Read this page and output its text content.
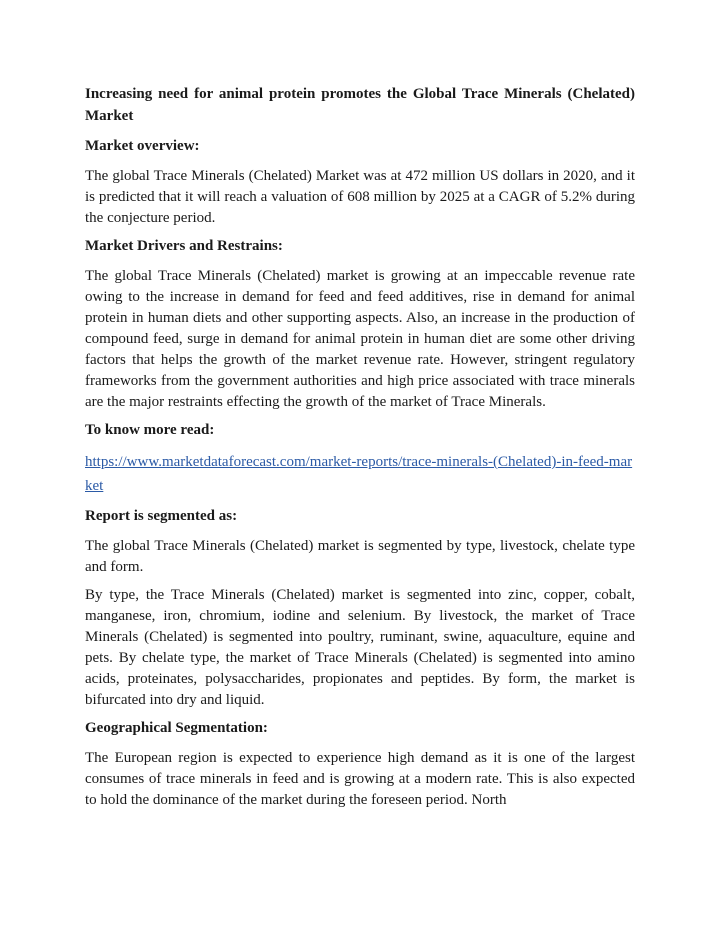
Increasing need for animal protein promotes the Global Trace Minerals (Chelated) Market

Market overview:

The global Trace Minerals (Chelated) Market was at 472 million US dollars in 2020, and it is predicted that it will reach a valuation of 608 million by 2025 at a CAGR of 5.2% during the conjecture period.

Market Drivers and Restrains:

The global Trace Minerals (Chelated) market is growing at an impeccable revenue rate owing to the increase in demand for feed and feed additives, rise in demand for animal protein in human diets and other supporting aspects. Also, an increase in the production of compound feed, surge in demand for animal protein in human diet are some other driving factors that helps the growth of the market revenue rate. However, stringent regulatory frameworks from the government authorities and high price associated with trace minerals are the major restraints effecting the growth of the market of Trace Minerals.

To know more read:

https://www.marketdataforecast.com/market-reports/trace-minerals-(Chelated)-in-feed-market

Report is segmented as:

The global Trace Minerals (Chelated) market is segmented by type, livestock, chelate type and form.

By type, the Trace Minerals (Chelated) market is segmented into zinc, copper, cobalt, manganese, iron, chromium, iodine and selenium. By livestock, the market of Trace Minerals (Chelated) is segmented into poultry, ruminant, swine, aquaculture, equine and pets. By chelate type, the market of Trace Minerals (Chelated) is segmented into amino acids, proteinates, polysaccharides, propionates and peptides. By form, the market is bifurcated into dry and liquid.

Geographical Segmentation:

The European region is expected to experience high demand as it is one of the largest consumes of trace minerals in feed and is growing at a modern rate. This is also expected to hold the dominance of the market during the foreseen period. North
